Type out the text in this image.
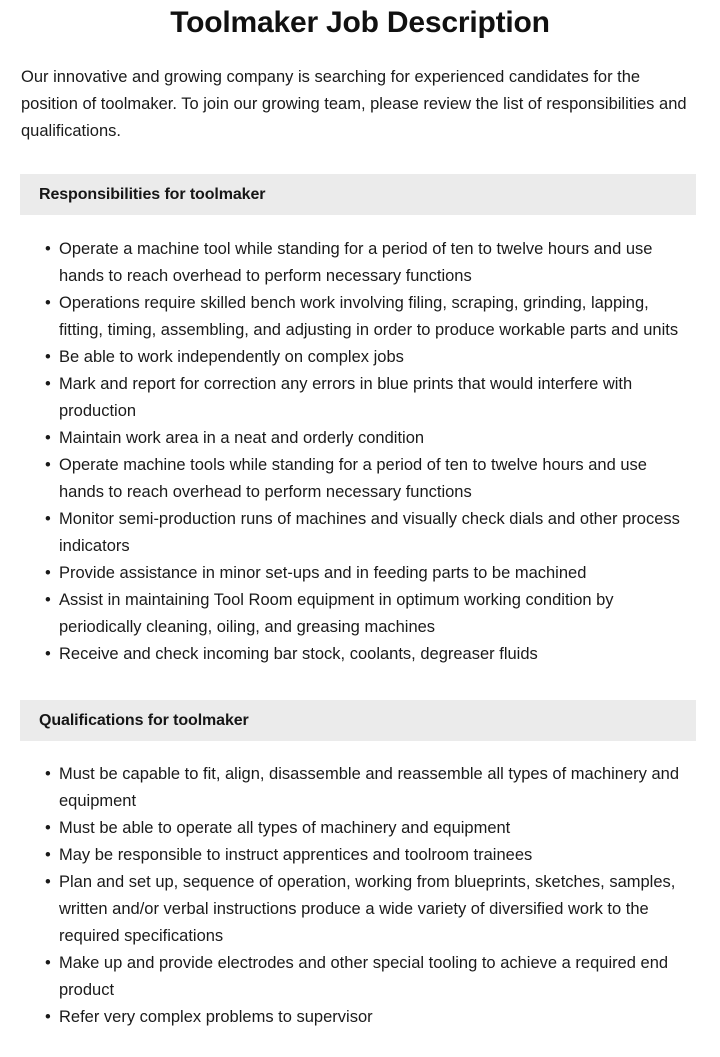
Toolmaker Job Description

Our innovative and growing company is searching for experienced candidates for the position of toolmaker. To join our growing team, please review the list of responsibilities and qualifications.

Responsibilities for toolmaker
• Operate a machine tool while standing for a period of ten to twelve hours and use hands to reach overhead to perform necessary functions
• Operations require skilled bench work involving filing, scraping, grinding, lapping, fitting, timing, assembling, and adjusting in order to produce workable parts and units
• Be able to work independently on complex jobs
• Mark and report for correction any errors in blue prints that would interfere with production
• Maintain work area in a neat and orderly condition
• Operate machine tools while standing for a period of ten to twelve hours and use hands to reach overhead to perform necessary functions
• Monitor semi-production runs of machines and visually check dials and other process indicators
• Provide assistance in minor set-ups and in feeding parts to be machined
• Assist in maintaining Tool Room equipment in optimum working condition by periodically cleaning, oiling, and greasing machines
• Receive and check incoming bar stock, coolants, degreaser fluids
Qualifications for toolmaker
• Must be capable to fit, align, disassemble and reassemble all types of machinery and equipment
• Must be able to operate all types of machinery and equipment
• May be responsible to instruct apprentices and toolroom trainees
• Plan and set up, sequence of operation, working from blueprints, sketches, samples, written and/or verbal instructions produce a wide variety of diversified work to the required specifications
• Make up and provide electrodes and other special tooling to achieve a required end product
• Refer very complex problems to supervisor
